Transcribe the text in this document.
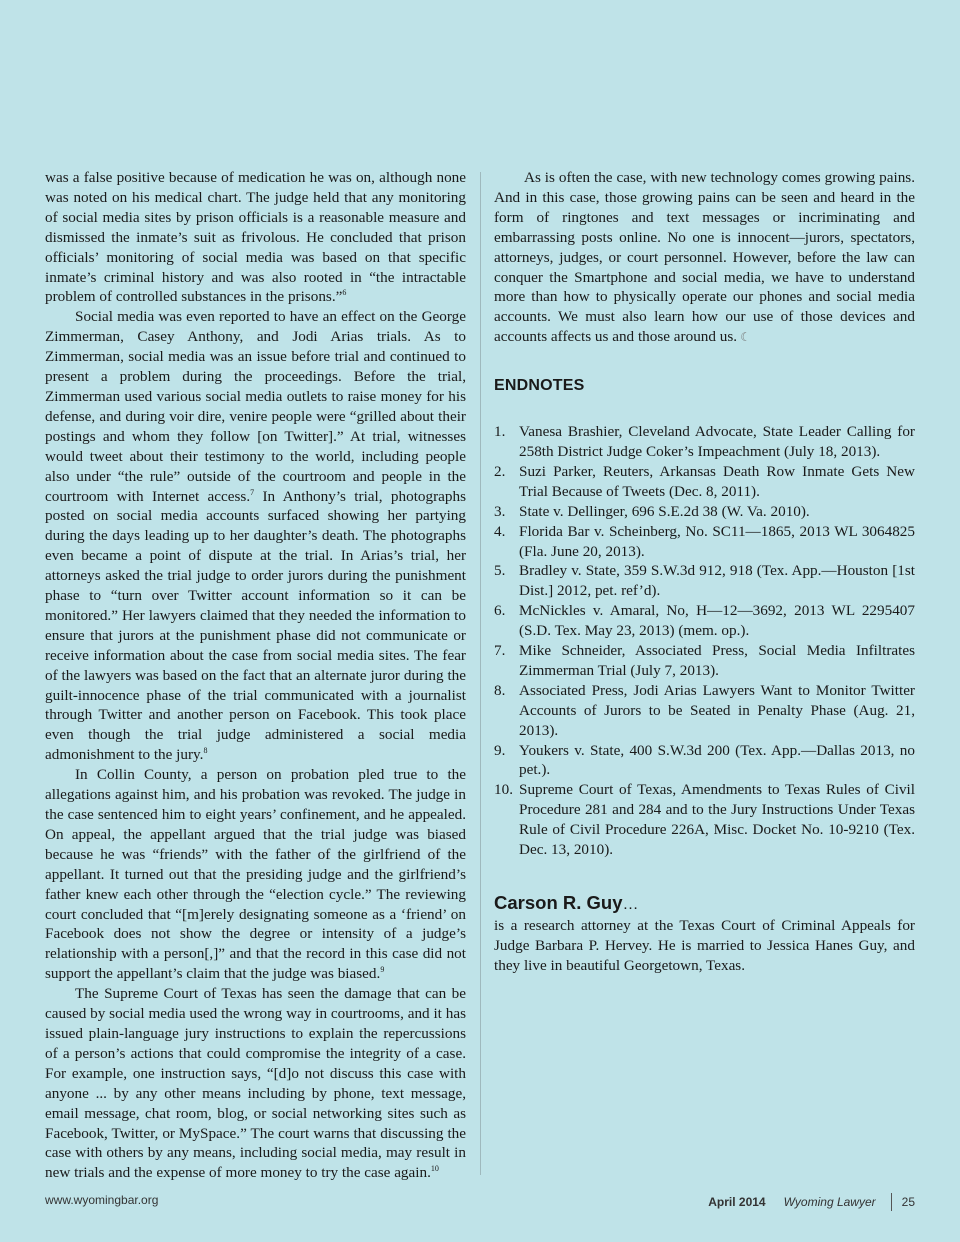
was a false positive because of medication he was on, although none was noted on his medical chart. The judge held that any monitoring of social media sites by prison officials is a reasonable measure and dismissed the inmate’s suit as frivolous. He concluded that prison officials’ monitoring of social media was based on that specific inmate’s criminal history and was also rooted in “the intractable problem of controlled substances in the prisons.”$^6$

Social media was even reported to have an effect on the George Zimmerman, Casey Anthony, and Jodi Arias trials. As to Zimmerman, social media was an issue before trial and continued to present a problem during the proceedings. Before the trial, Zimmerman used various social media outlets to raise money for his defense, and during voir dire, venire people were “grilled about their postings and whom they follow [on Twitter].” At trial, witnesses would tweet about their testimony to the world, including people also under “the rule” outside of the courtroom and people in the courtroom with Internet access.$^7$ In Anthony’s trial, photographs posted on social media accounts surfaced showing her partying during the days leading up to her daughter’s death. The photographs even became a point of dispute at the trial. In Arias’s trial, her attorneys asked the trial judge to order jurors during the punishment phase to “turn over Twitter account information so it can be monitored.” Her lawyers claimed that they needed the information to ensure that jurors at the punishment phase did not communicate or receive information about the case from social media sites. The fear of the lawyers was based on the fact that an alternate juror during the guilt-innocence phase of the trial communicated with a journalist through Twitter and another person on Facebook. This took place even though the trial judge administered a social media admonishment to the jury.$^8$

In Collin County, a person on probation pled true to the allegations against him, and his probation was revoked. The judge in the case sentenced him to eight years’ confinement, and he appealed. On appeal, the appellant argued that the trial judge was biased because he was “friends” with the father of the girlfriend of the appellant. It turned out that the presiding judge and the girlfriend’s father knew each other through the “election cycle.” The reviewing court concluded that “[m]erely designating someone as a ‘friend’ on Facebook does not show the degree or intensity of a judge’s relationship with a person[,]” and that the record in this case did not support the appellant’s claim that the judge was biased.$^9$

The Supreme Court of Texas has seen the damage that can be caused by social media used the wrong way in courtrooms, and it has issued plain-language jury instructions to explain the repercussions of a person’s actions that could compromise the integrity of a case. For example, one instruction says, “[d]o not discuss this case with anyone ... by any other means including by phone, text message, email message, chat room, blog, or social networking sites such as Facebook, Twitter, or MySpace.” The court warns that discussing the case with others by any means, including social media, may result in new trials and the expense of more money to try the case again.$^{10}$

As is often the case, with new technology comes growing pains. And in this case, those growing pains can be seen and heard in the form of ringtones and text messages or incriminating and embarrassing posts online. No one is innocent—jurors, spectators, attorneys, judges, or court personnel. However, before the law can conquer the Smartphone and social media, we have to understand more than how to physically operate our phones and social media accounts. We must also learn how our use of those devices and accounts affects us and those around us. ☾

ENDNOTES
1. Vanesa Brashier, Cleveland Advocate, State Leader Calling for 258th District Judge Coker’s Impeachment (July 18, 2013).
2. Suzi Parker, Reuters, Arkansas Death Row Inmate Gets New Trial Because of Tweets (Dec. 8, 2011).
3. State v. Dellinger, 696 S.E.2d 38 (W. Va. 2010).
4. Florida Bar v. Scheinberg, No. SC11—1865, 2013 WL 3064825 (Fla. June 20, 2013).
5. Bradley v. State, 359 S.W.3d 912, 918 (Tex. App.—Houston [1st Dist.] 2012, pet. ref’d).
6. McNickles v. Amaral, No, H—12—3692, 2013 WL 2295407 (S.D. Tex. May 23, 2013) (mem. op.).
7. Mike Schneider, Associated Press, Social Media Infiltrates Zimmerman Trial (July 7, 2013).
8. Associated Press, Jodi Arias Lawyers Want to Monitor Twitter Accounts of Jurors to be Seated in Penalty Phase (Aug. 21, 2013).
9. Youkers v. State, 400 S.W.3d 200 (Tex. App.—Dallas 2013, no pet.).
10. Supreme Court of Texas, Amendments to Texas Rules of Civil Procedure 281 and 284 and to the Jury Instructions Under Texas Rule of Civil Procedure 226A, Misc. Docket No. 10-9210 (Tex. Dec. 13, 2010).
Carson R. Guy…

is a research attorney at the Texas Court of Criminal Appeals for Judge Barbara P. Hervey. He is married to Jessica Hanes Guy, and they live in beautiful Georgetown, Texas.

www.wyomingbar.org	April 2014 Wyoming Lawyer 25
